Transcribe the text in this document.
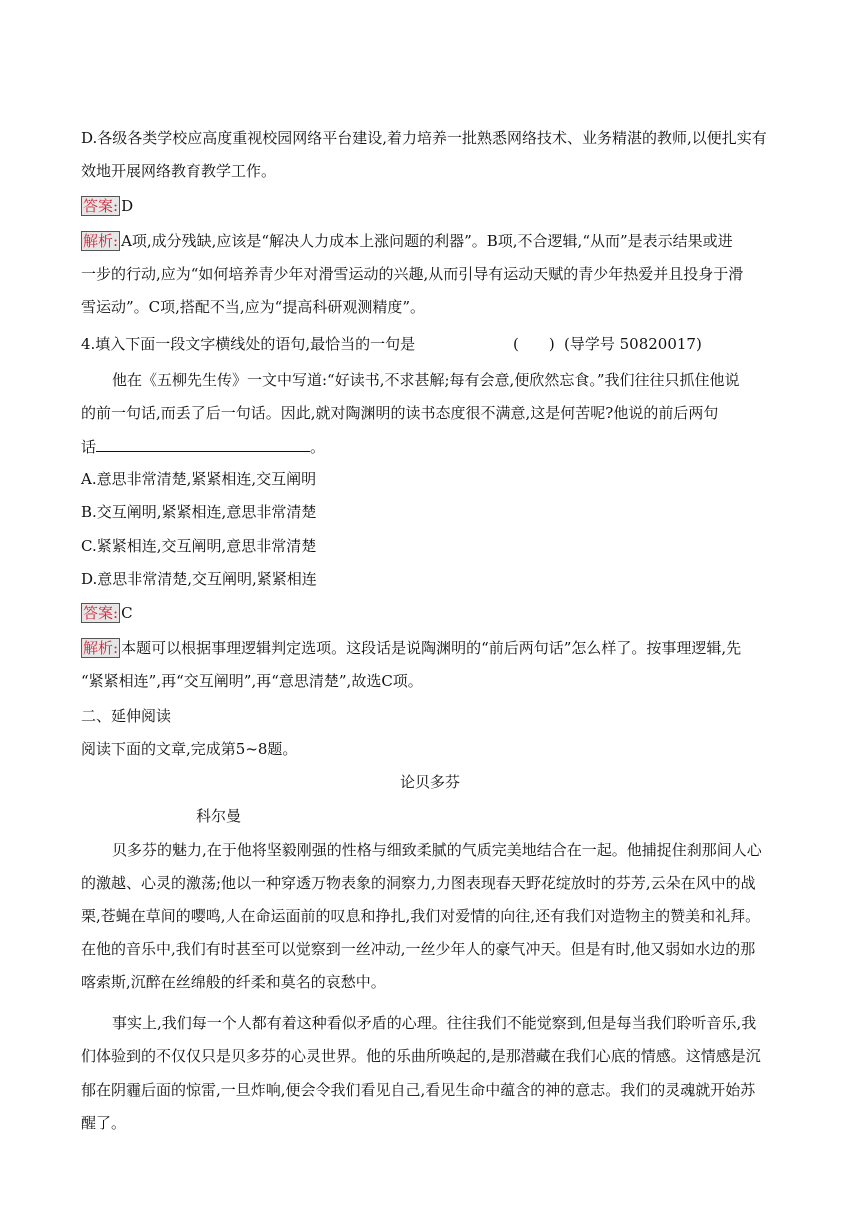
D.各级各类学校应高度重视校园网络平台建设,着力培养一批熟悉网络技术、业务精湛的教师,以便扎实有
效地开展网络教育教学工作。
答案: D
解析: A项,成分残缺,应该是“解决人力成本上涨问题的利器”。B项,不合逻辑,“从而”是表示结果或进
一步的行动,应为“如何培养青少年对滑雪运动的兴趣,从而引导有运动天赋的青少年热爱并且投身于滑
雪运动”。C项,搭配不当,应为“提高科研观测精度”。
4.填入下面一段文字横线处的语句,最恰当的一句是	(　　) (导学号 50820017)
他在《五柳先生传》一文中写道:“好读书,不求甚解;每有会意,便欣然忘食。”我们往往只抓住他说
的前一句话,而丢了后一句话。因此,就对陶渊明的读书态度很不满意,这是何苦呢?他说的前后两句
话	。
A.意思非常清楚,紧紧相连,交互阐明
B.交互阐明,紧紧相连,意思非常清楚
C.紧紧相连,交互阐明,意思非常清楚
D.意思非常清楚,交互阐明,紧紧相连
答案: C
解析: 本题可以根据事理逻辑判定选项。这段话是说陶渊明的“前后两句话”怎么样了。按事理逻辑,先
“紧紧相连”,再“交互阐明”,再“意思清楚”,故选C项。
二、延伸阅读
阅读下面的文章,完成第5~8题。
论贝多芬
科尔曼
贝多芬的魅力,在于他将坚毅刚强的性格与细致柔腻的气质完美地结合在一起。他捕捉住刹那间人心
的激越、心灵的激荡;他以一种穿透万物表象的洞察力,力图表现春天野花绽放时的芬芳,云朵在风中的战
栗,苍蝇在草间的嘤鸣,人在命运面前的叹息和挣扎,我们对爱情的向往,还有我们对造物主的赞美和礼拜。
在他的音乐中,我们有时甚至可以觉察到一丝冲动,一丝少年人的豪气冲天。但是有时,他又弱如水边的那
喀索斯,沉醉在丝绵般的纤柔和莫名的哀愁中。
事实上,我们每一个人都有着这种看似矛盾的心理。往往我们不能觉察到,但是每当我们聆听音乐,我
们体验到的不仅仅只是贝多芬的心灵世界。他的乐曲所唤起的,是那潜藏在我们心底的情感。这情感是沉
郁在阴霾后面的惊雷,一旦炸响,便会令我们看见自己,看见生命中蕴含的神的意志。我们的灵魂就开始苏
醒了。
